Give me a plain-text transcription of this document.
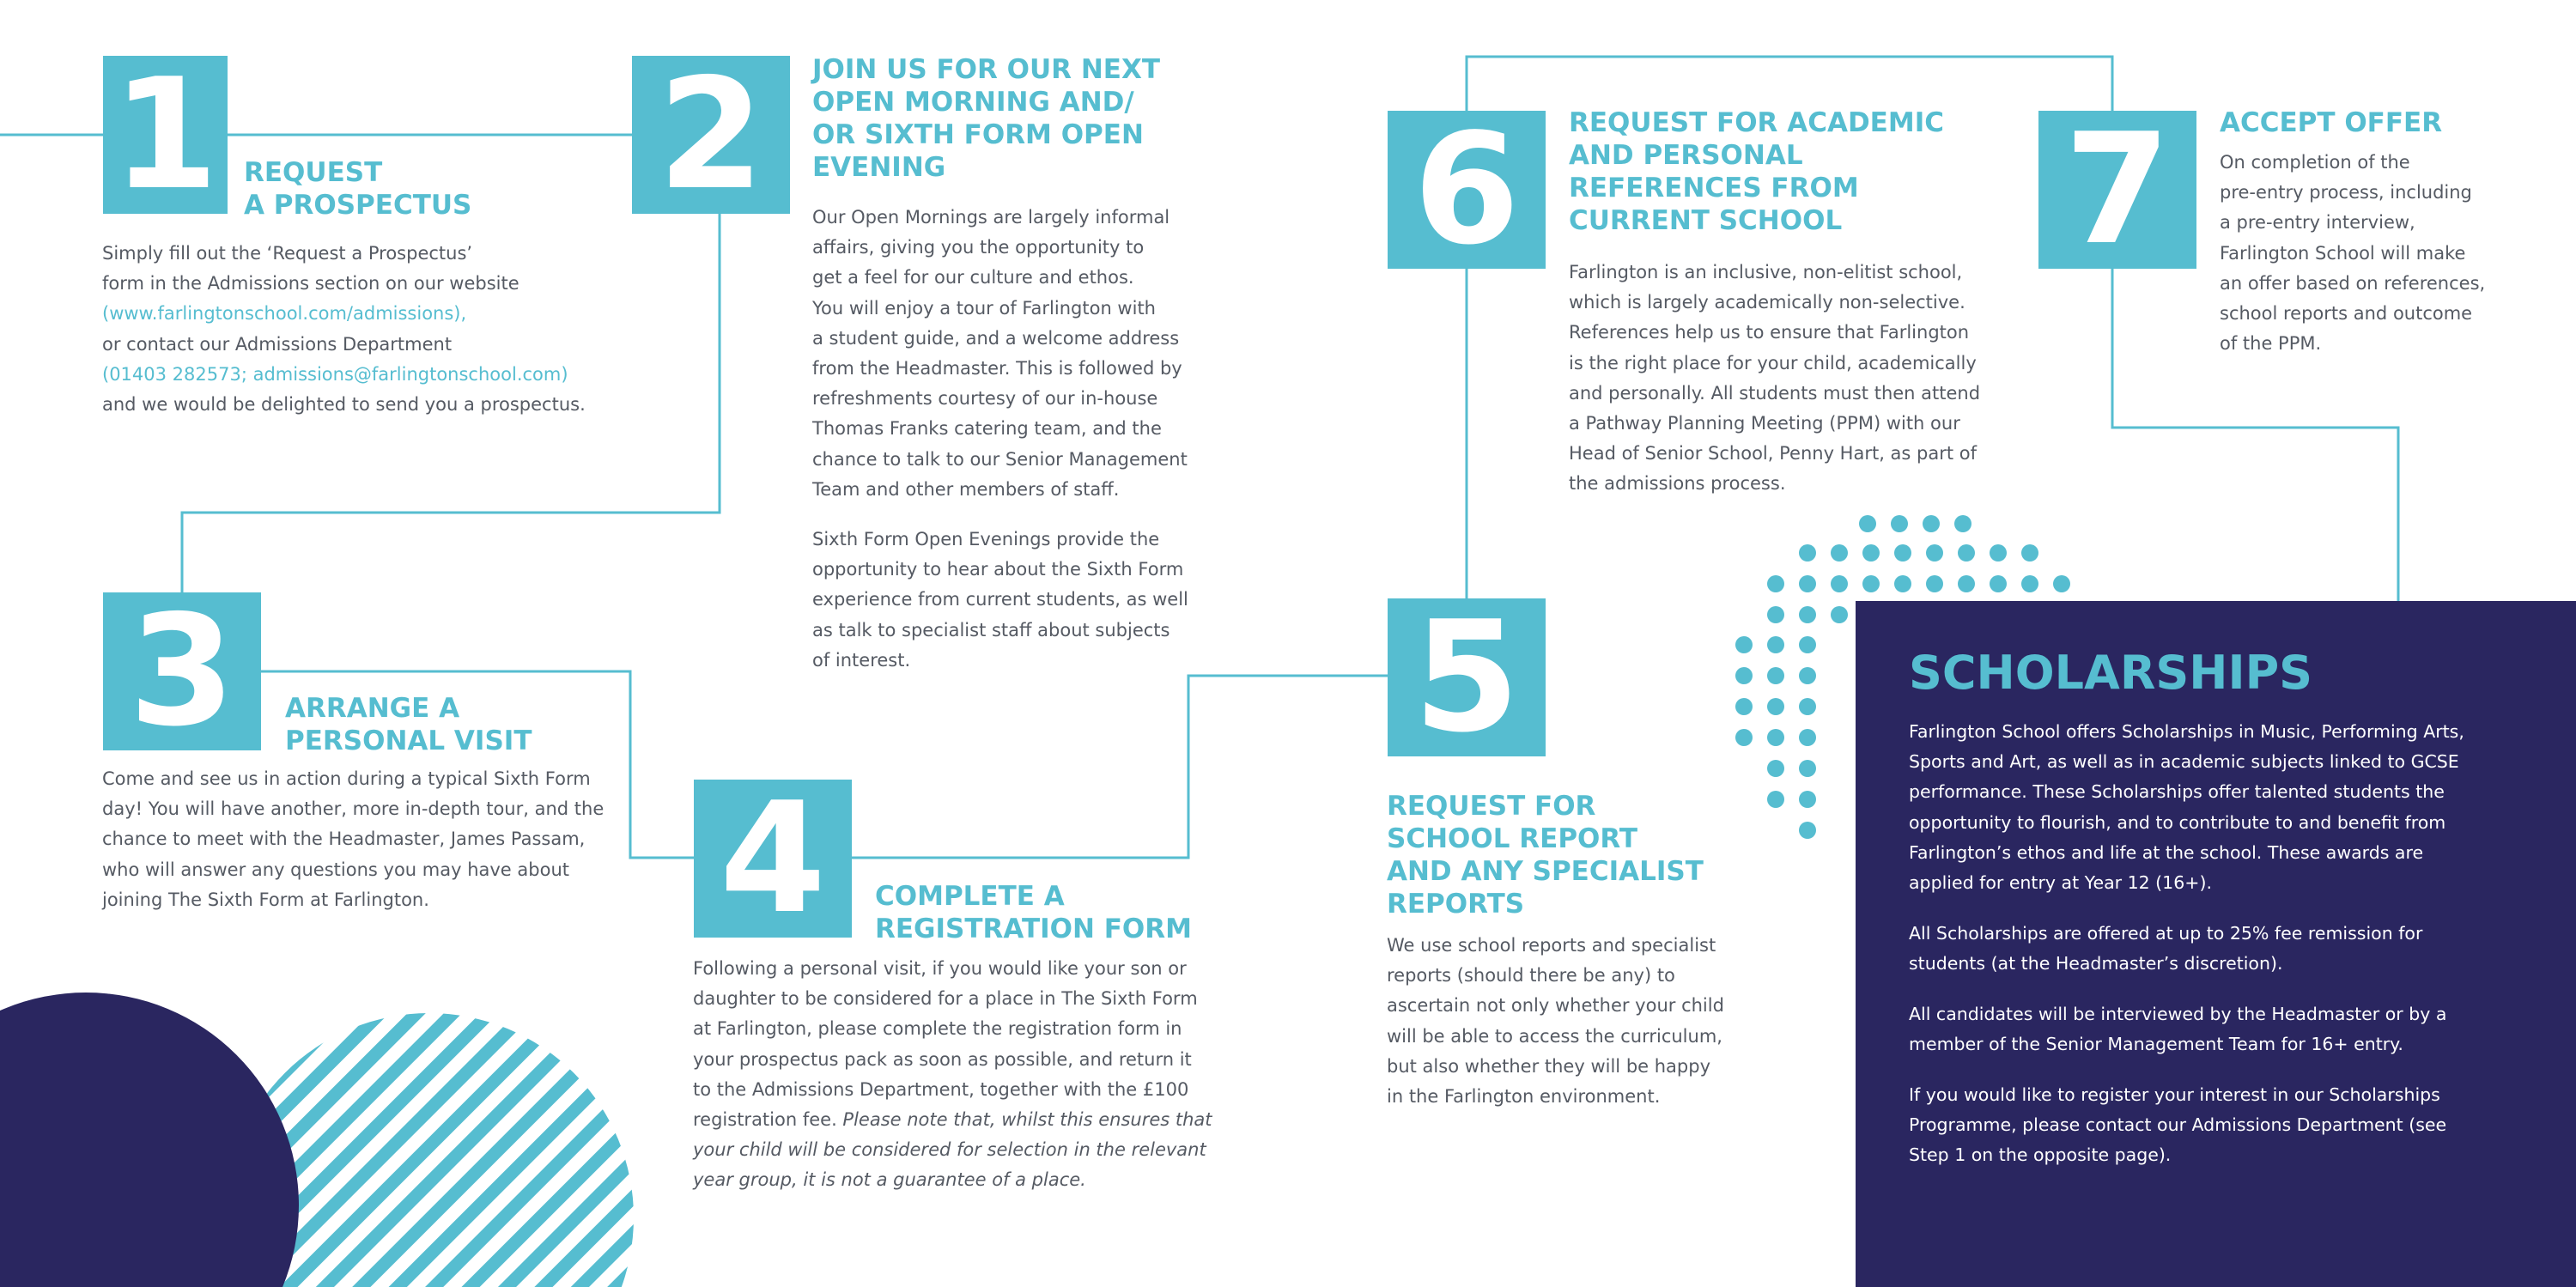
1 REQUEST
A PROSPECTUS

Simply fill out the ‘Request a Prospectus’
form in the Admissions section on our website
(www.farlingtonschool.com/admissions),
or contact our Admissions Department
(01403 282573; admissions@farlingtonschool.com)
and we would be delighted to send you a prospectus.

2	JOIN US FOR OUR NEXT
OPEN MORNING AND/
OR SIXTH FORM OPEN
EVENING

Our Open Mornings are largely informal
affairs, giving you the opportunity to
get a feel for our culture and ethos.
You will enjoy a tour of Farlington with
a student guide, and a welcome address
from the Headmaster. This is followed by
refreshments courtesy of our in-house
Thomas Franks catering team, and the
chance to talk to our Senior Management
Team and other members of staff.

Sixth Form Open Evenings provide the
opportunity to hear about the Sixth Form
experience from current students, as well
as talk to specialist staff about subjects
of interest.

3	ARRANGE A
PERSONAL VISIT

Come and see us in action during a typical Sixth Form
day! You will have another, more in-depth tour, and the
chance to meet with the Headmaster, James Passam,
who will answer any questions you may have about
joining The Sixth Form at Farlington.	4	COMPLETE A
REGISTRATION FORM

Following a personal visit, if you would like your son or
daughter to be considered for a place in The Sixth Form
at Farlington, please complete the registration form in
your prospectus pack as soon as possible, and return it
to the Admissions Department, together with the £100
registration fee. Please note that, whilst this ensures that
your child will be considered for selection in the relevant
year group, it is not a guarantee of a place.

5
REQUEST FOR
SCHOOL REPORT
AND ANY SPECIALIST
REPORTS

We use school reports and specialist
reports (should there be any) to
ascertain not only whether your child
will be able to access the curriculum,
but also whether they will be happy
in the Farlington environment.

6	REQUEST FOR ACADEMIC
AND PERSONAL
REFERENCES FROM
CURRENT SCHOOL

Farlington is an inclusive, non-elitist school,
which is largely academically non-selective.
References help us to ensure that Farlington
is the right place for your child, academically
and personally. All students must then attend
a Pathway Planning Meeting (PPM) with our
Head of Senior School, Penny Hart, as part of
the admissions process.

7	ACCEPT OFFER

On completion of the
pre-entry process, including
a pre-entry interview,
Farlington School will make
an offer based on references,
school reports and outcome
of the PPM.

SCHOLARSHIPS

Farlington School offers Scholarships in Music, Performing Arts,
Sports and Art, as well as in academic subjects linked to GCSE
performance. These Scholarships offer talented students the
opportunity to flourish, and to contribute to and benefit from
Farlington’s ethos and life at the school. These awards are
applied for entry at Year 12 (16+).

All Scholarships are offered at up to 25% fee remission for
students (at the Headmaster’s discretion).

All candidates will be interviewed by the Headmaster or by a
member of the Senior Management Team for 16+ entry.

If you would like to register your interest in our Scholarships
Programme, please contact our Admissions Department (see
Step 1 on the opposite page).
